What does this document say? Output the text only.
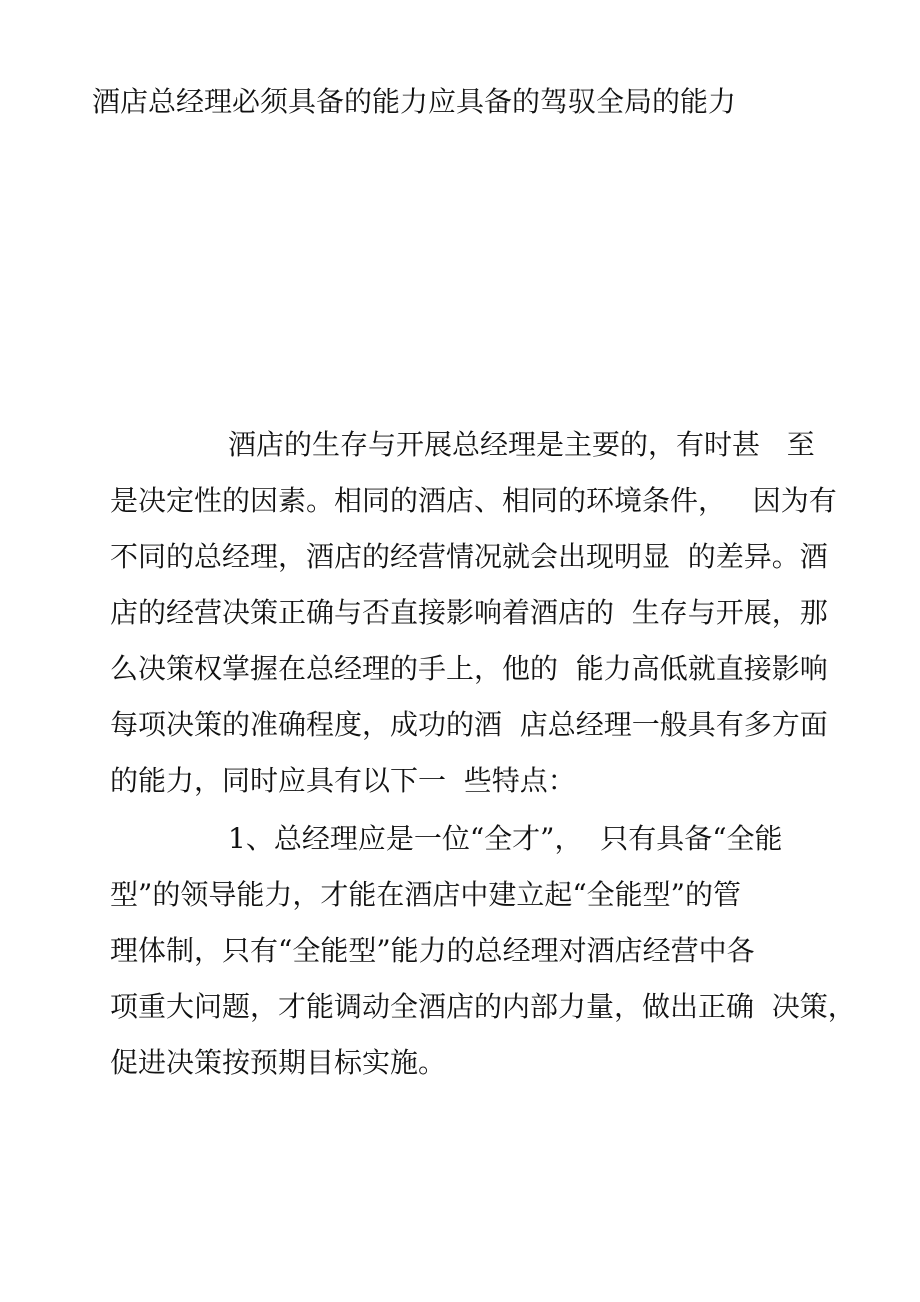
酒店总经理必须具备的能力应具备的驾驭全局的能力
酒店的生存与开展总经理是主要的，有时甚   至
是决定性的因素。相同的酒店、相同的环境条件，   因为有
不同的总经理，酒店的经营情况就会出现明显  的差异。酒
店的经营决策正确与否直接影响着酒店的  生存与开展，那
么决策权掌握在总经理的手上，他的  能力高低就直接影响
每项决策的准确程度，成功的酒  店总经理一般具有多方面
的能力，同时应具有以下一  些特点：
1、总经理应是一位“全才”，  只有具备“全能
型”的领导能力，才能在酒店中建立起“全能型”的管
理体制，只有“全能型”能力的总经理对酒店经营中各
项重大问题，才能调动全酒店的内部力量，做出正确  决策，
促进决策按预期目标实施。
